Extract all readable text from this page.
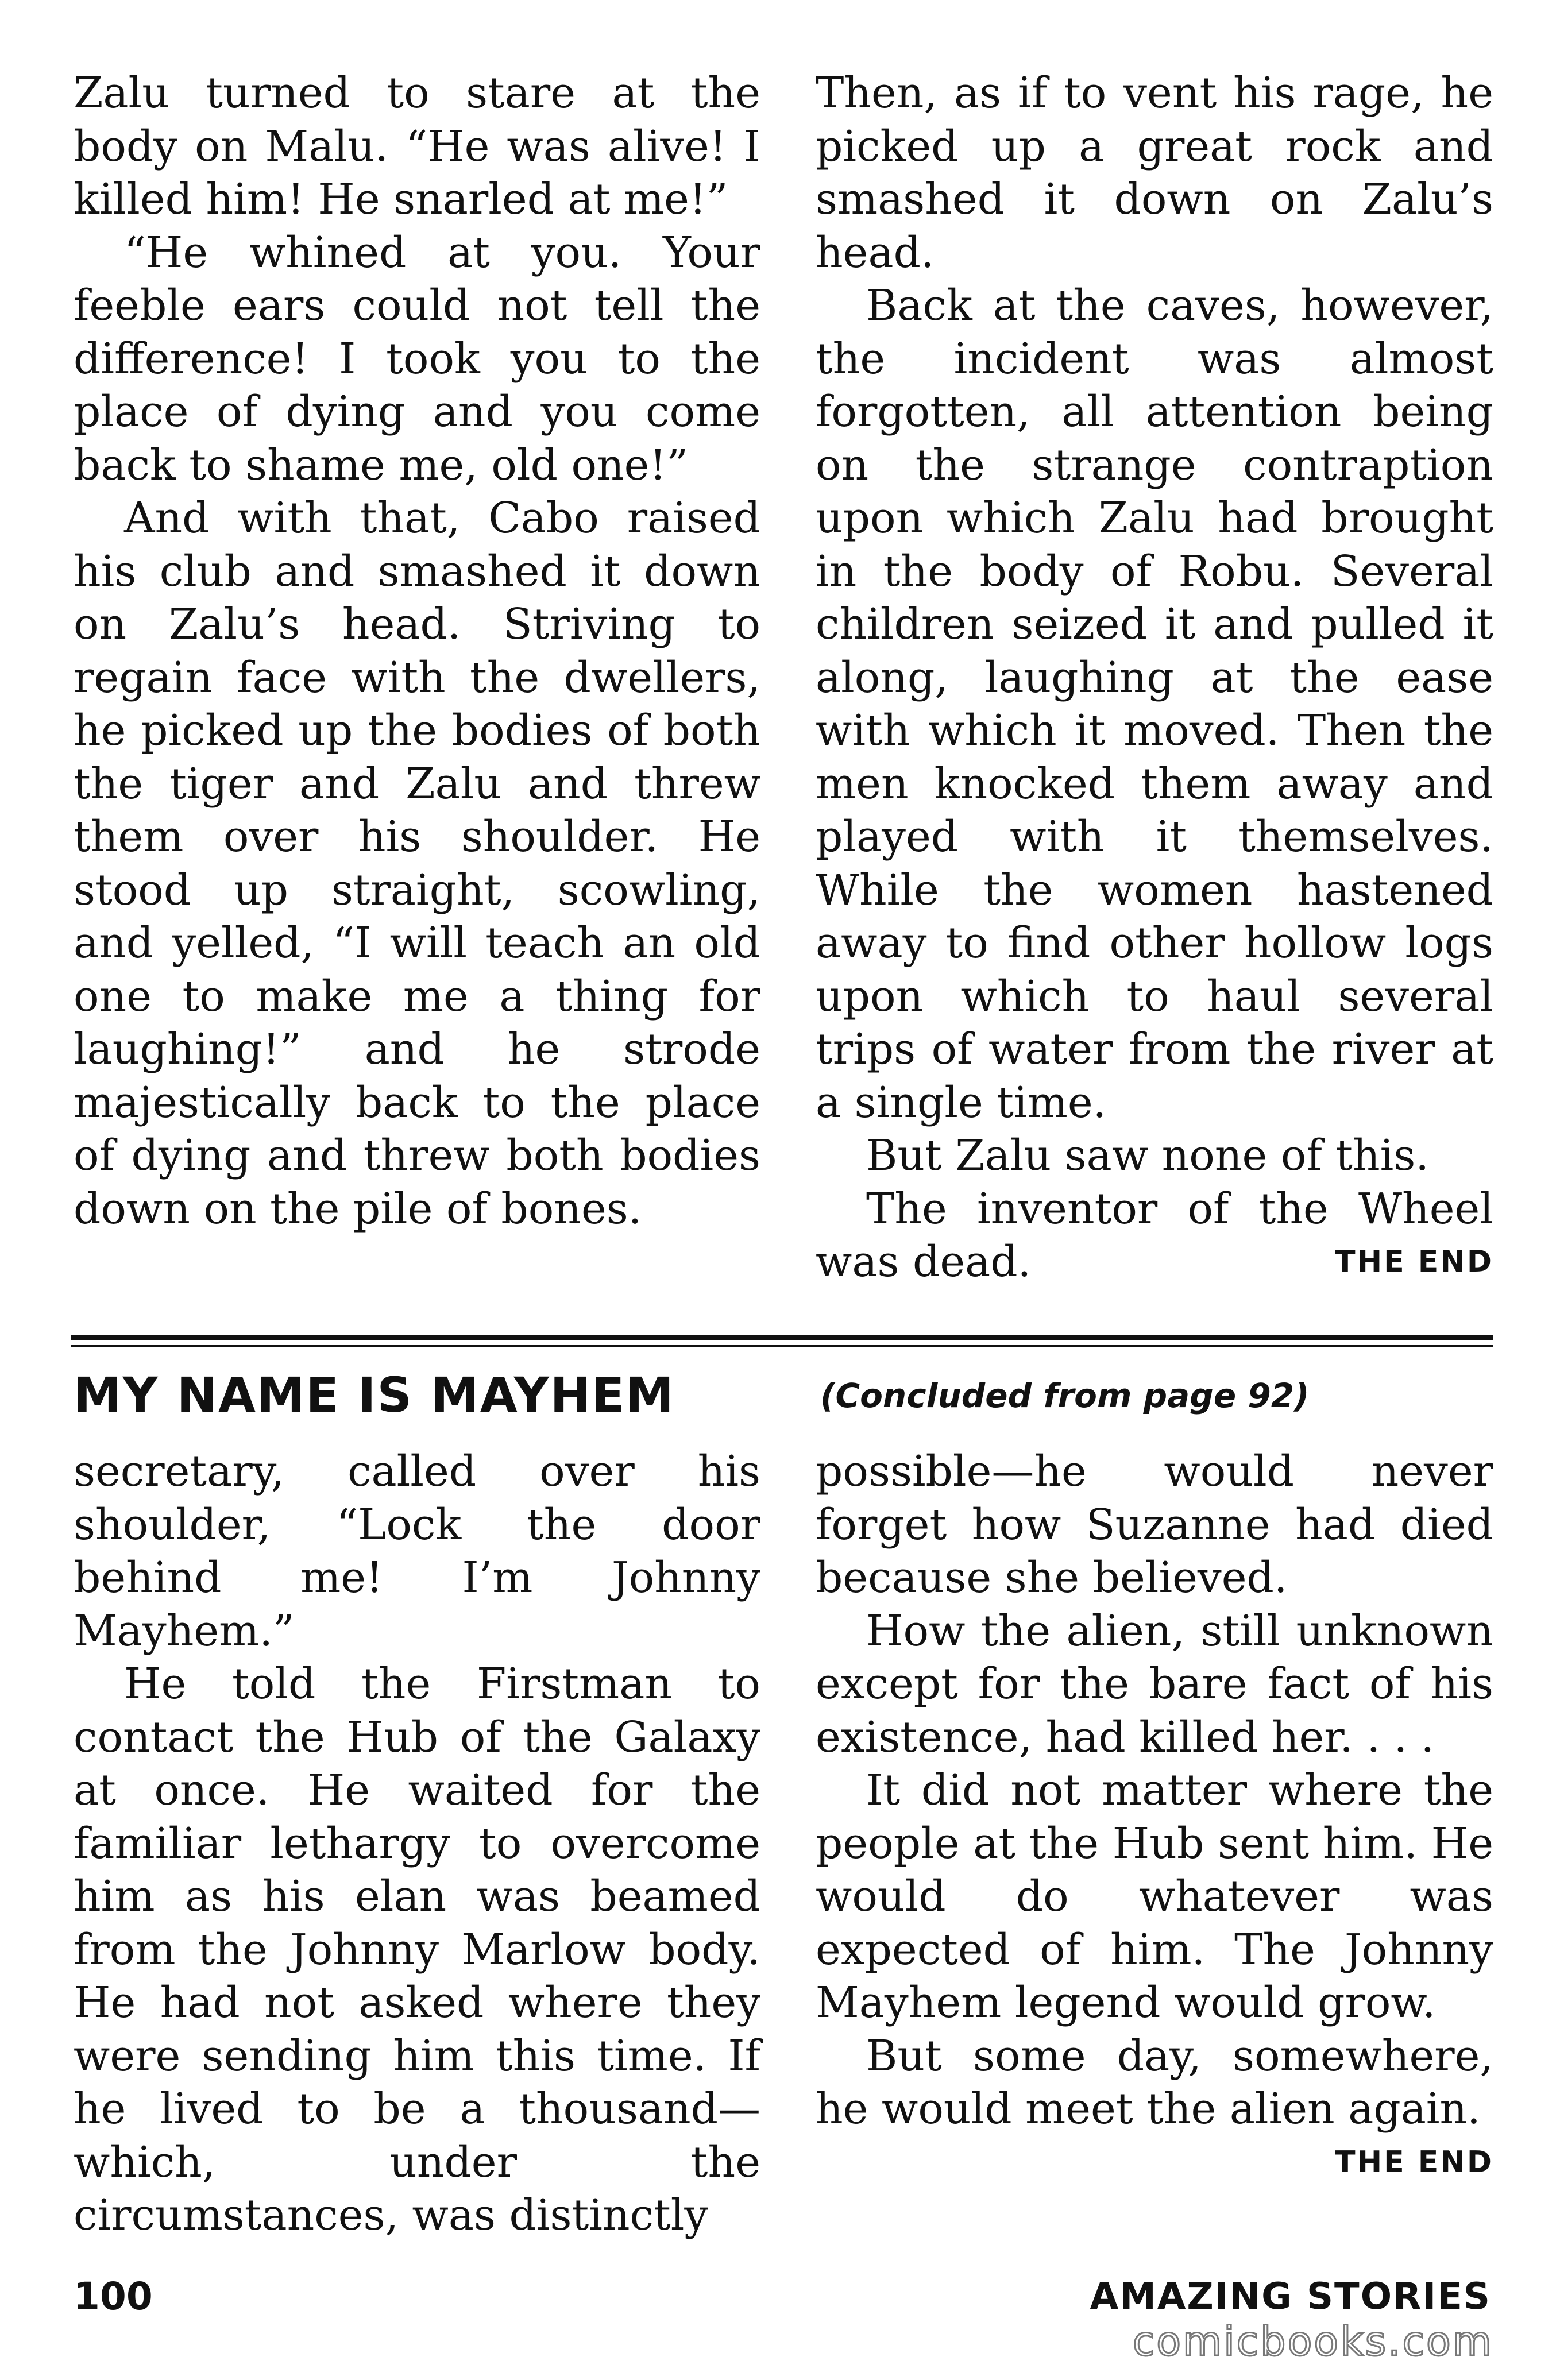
Zalu turned to stare at the body on Malu. “He was alive! I killed him! He snarled at me!”

“He whined at you. Your feeble ears could not tell the difference! I took you to the place of dying and you come back to shame me, old one!”

And with that, Cabo raised his club and smashed it down on Zalu’s head. Striving to regain face with the dwellers, he picked up the bodies of both the tiger and Zalu and threw them over his shoulder. He stood up straight, scowling, and yelled, “I will teach an old one to make me a thing for laughing!” and he strode majestically back to the place of dying and threw both bodies down on the pile of bones.

Then, as if to vent his rage, he picked up a great rock and smashed it down on Zalu’s head.

Back at the caves, however, the incident was almost forgotten, all attention being on the strange contraption upon which Zalu had brought in the body of Robu. Several children seized it and pulled it along, laughing at the ease with which it moved. Then the men knocked them away and played with it themselves. While the women hastened away to find other hollow logs upon which to haul several trips of water from the river at a single time.

But Zalu saw none of this.

The inventor of the Wheel was dead.	THE END

MY NAME IS MAYHEM	(Concluded from page 92)

secretary, called over his shoulder, “Lock the door behind me! I’m Johnny Mayhem.”

He told the Firstman to contact the Hub of the Galaxy at once. He waited for the familiar lethargy to overcome him as his elan was beamed from the Johnny Marlow body. He had not asked where they were sending him this time. If he lived to be a thousand—which, under the circumstances, was distinctly

possible—he would never forget how Suzanne had died because she believed.

How the alien, still unknown except for the bare fact of his existence, had killed her. . . .

It did not matter where the people at the Hub sent him. He would do whatever was expected of him. The Johnny Mayhem legend would grow.

But some day, somewhere, he would meet the alien again.

THE END
100	AMAZING STORIES
comicbooks.com
